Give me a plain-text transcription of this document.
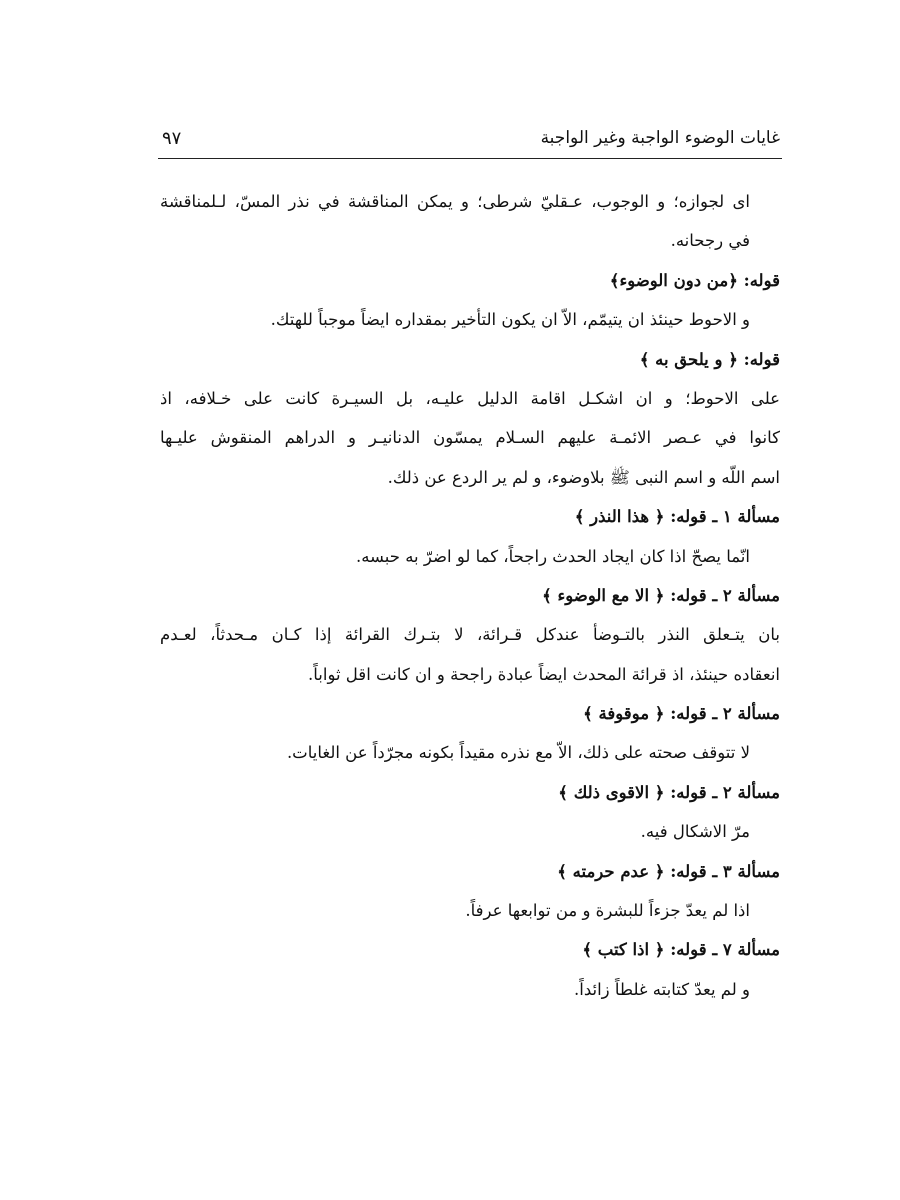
غايات الوضوء الواجبة وغير الواجبة
٩٧
اى لجوازه؛ و الوجوب، عـقليّ شرطى؛ و يمكن المناقشة في نذر المسّ، لـلمناقشة
في رجحانه.
قوله: ﴿من دون الوضوء﴾
و الاحوط حينئذ ان يتيمّم، الاّ ان يكون التأخير بمقداره ايضاً موجباً للهتك.
قوله: ﴿ و يلحق به ﴾
على الاحوط؛ و ان اشكـل اقامة الدليل عليـه، بل السيـرة كانت على خـلافه، اذ
كانوا في عـصر الائمـة عليهم السـلام يمسّون الدنانيـر و الدراهم المنقوش عليـها
اسم اللّه و اسم النبى ﷺ بلاوضوء، و لم ير الردع عن ذلك.
مسألة ١ ـ قوله: ﴿ هذا النذر ﴾
انّما يصحّ اذا كان ايجاد الحدث راجحاً، كما لو اضرّ به حبسه.
مسألة ٢ ـ قوله: ﴿ الا مع الوضوء ﴾
بان يتـعلق النذر بالتـوضأ عندكل قـرائة، لا بتـرك القرائة إذا كـان مـحدثاً، لعـدم
انعقاده حينئذ، اذ قرائة المحدث ايضاً عبادة راجحة و ان كانت اقل ثواباً.
مسألة ٢ ـ قوله: ﴿ موقوفة ﴾
لا تتوقف صحته على ذلك، الاّ مع نذره مقيداً بكونه مجرّداً عن الغايات.
مسألة ٢ ـ قوله: ﴿ الاقوى ذلك ﴾
مرّ الاشكال فيه.
مسألة ٣ ـ قوله: ﴿ عدم حرمته ﴾
اذا لم يعدّ جزءاً للبشرة و من توابعها عرفاً.
مسألة ٧ ـ قوله: ﴿ اذا كتب ﴾
و لم يعدّ كتابته غلطاً زائداً.
